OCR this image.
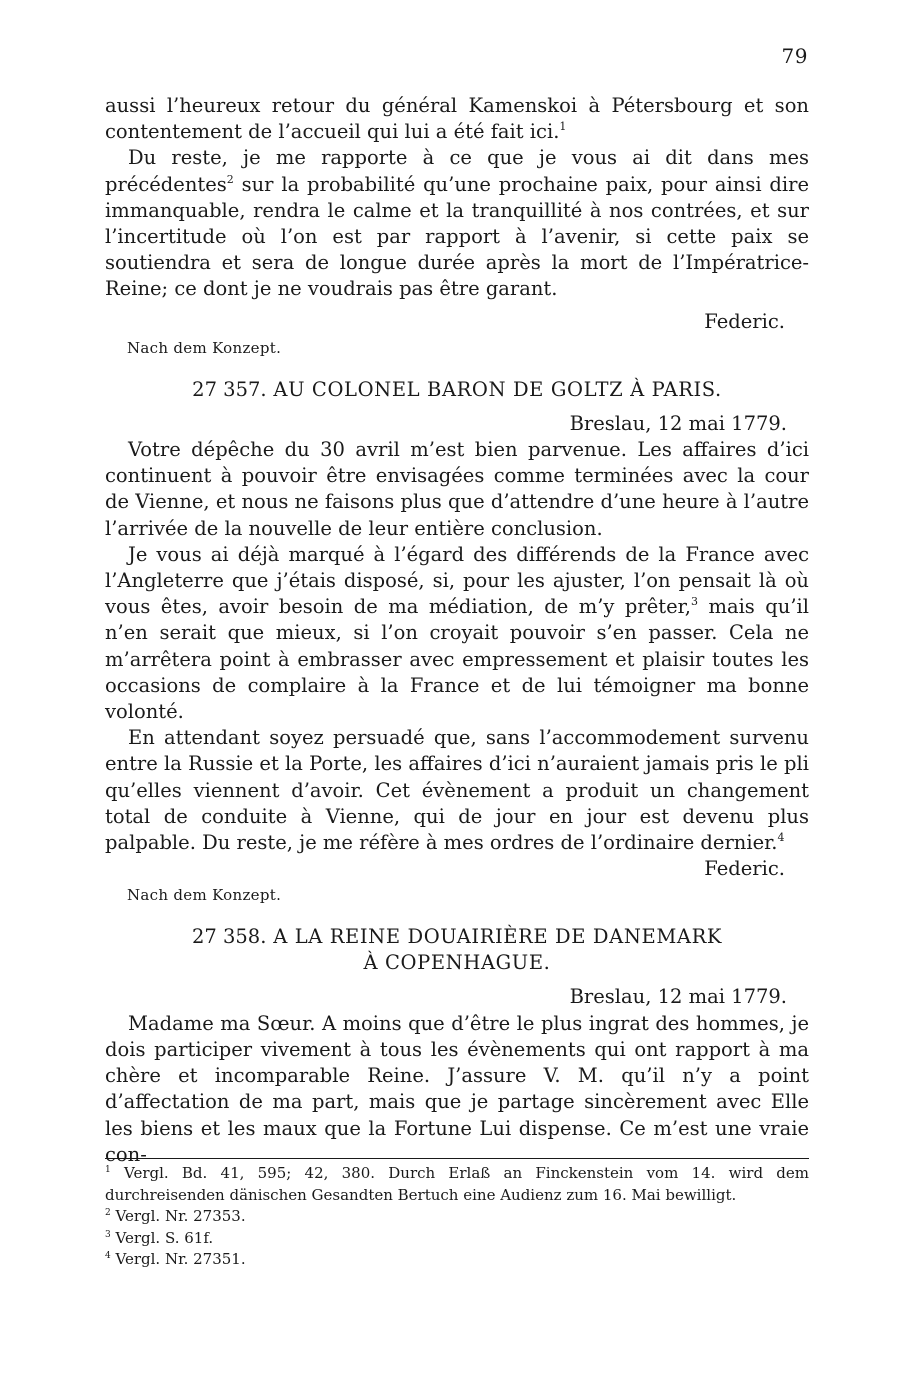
79

aussi l’heureux retour du général Kamenskoi à Pétersbourg et son contentement de l’accueil qui lui a été fait ici.$^1$

Du reste, je me rapporte à ce que je vous ai dit dans mes précédentes$^2$ sur la probabilité qu’une prochaine paix, pour ainsi dire immanquable, rendra le calme et la tranquillité à nos contrées, et sur l’incertitude où l’on est par rapport à l’avenir, si cette paix se soutiendra et sera de longue durée après la mort de l’Impératrice-Reine; ce dont je ne voudrais pas être garant.

Federic.
Nach dem Konzept.
27 357. AU COLONEL BARON DE GOLTZ À PARIS.
Breslau, 12 mai 1779.

Votre dépêche du 30 avril m’est bien parvenue. Les affaires d’ici continuent à pouvoir être envisagées comme terminées avec la cour de Vienne, et nous ne faisons plus que d’attendre d’une heure à l’autre l’arrivée de la nouvelle de leur entière conclusion.

Je vous ai déjà marqué à l’égard des différends de la France avec l’Angleterre que j’étais disposé, si, pour les ajuster, l’on pensait là où vous êtes, avoir besoin de ma médiation, de m’y prêter,$^3$ mais qu’il n’en serait que mieux, si l’on croyait pouvoir s’en passer. Cela ne m’arrêtera point à embrasser avec empressement et plaisir toutes les occasions de complaire à la France et de lui témoigner ma bonne volonté.

En attendant soyez persuadé que, sans l’accommodement survenu entre la Russie et la Porte, les affaires d’ici n’auraient jamais pris le pli qu’elles viennent d’avoir. Cet évènement a produit un changement total de conduite à Vienne, qui de jour en jour est devenu plus palpable. Du reste, je me réfère à mes ordres de l’ordinaire dernier.$^4$

Federic.
Nach dem Konzept.
27 358. A LA REINE DOUAIRIÈRE DE DANEMARK
À COPENHAGUE.
Breslau, 12 mai 1779.

Madame ma Sœur. A moins que d’être le plus ingrat des hommes, je dois participer vivement à tous les évènements qui ont rapport à ma chère et incomparable Reine. J’assure V. M. qu’il n’y a point d’affectation de ma part, mais que je partage sincèrement avec Elle les biens et les maux que la Fortune Lui dispense. Ce m’est une vraie con-

$^1$ Vergl. Bd. 41, 595; 42, 380. Durch Erlaß an Finckenstein vom 14. wird dem durchreisenden dänischen Gesandten Bertuch eine Audienz zum 16. Mai bewilligt.
$^2$ Vergl. Nr. 27353.
$^3$ Vergl. S. 61f.
$^4$ Vergl. Nr. 27351.
